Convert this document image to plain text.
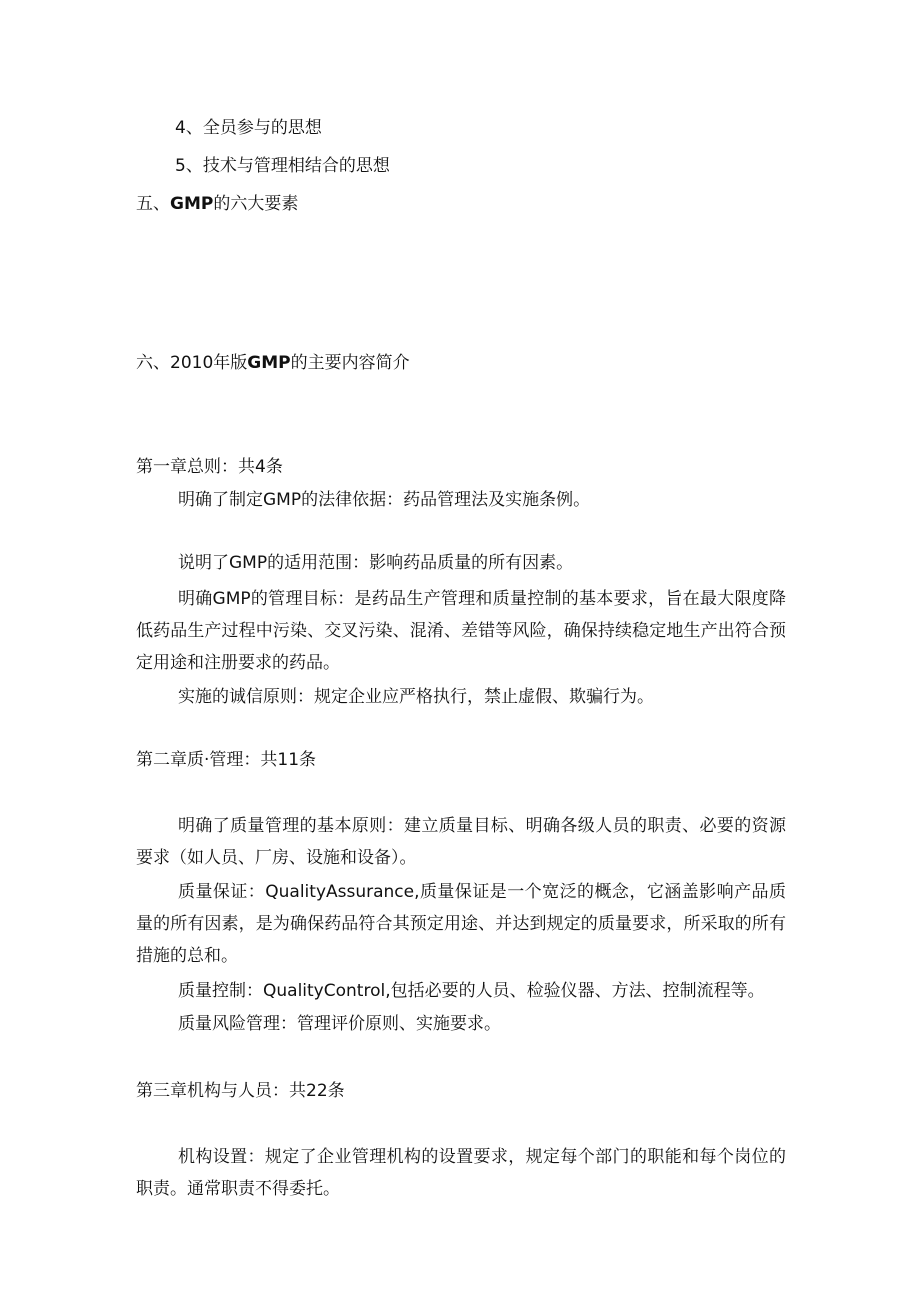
4、全员参与的思想
5、技术与管理相结合的思想
五、GMP的六大要素
六、2010年版GMP的主要内容简介
第一章总则：共4条
明确了制定GMP的法律依据：药品管理法及实施条例。
说明了GMP的适用范围：影响药品质量的所有因素。
明确GMP的管理目标：是药品生产管理和质量控制的基本要求，旨在最大限度降低药品生产过程中污染、交叉污染、混淆、差错等风险，确保持续稳定地生产出符合预定用途和注册要求的药品。
实施的诚信原则：规定企业应严格执行，禁止虚假、欺骗行为。
第二章质·管理：共11条
明确了质量管理的基本原则：建立质量目标、明确各级人员的职责、必要的资源要求（如人员、厂房、设施和设备）。
质量保证：QualityAssurance,质量保证是一个宽泛的概念，它涵盖影响产品质量的所有因素，是为确保药品符合其预定用途、并达到规定的质量要求，所采取的所有措施的总和。
质量控制：QualityControl,包括必要的人员、检验仪器、方法、控制流程等。
质量风险管理：管理评价原则、实施要求。
第三章机构与人员：共22条
机构设置：规定了企业管理机构的设置要求，规定每个部门的职能和每个岗位的职责。通常职责不得委托。
